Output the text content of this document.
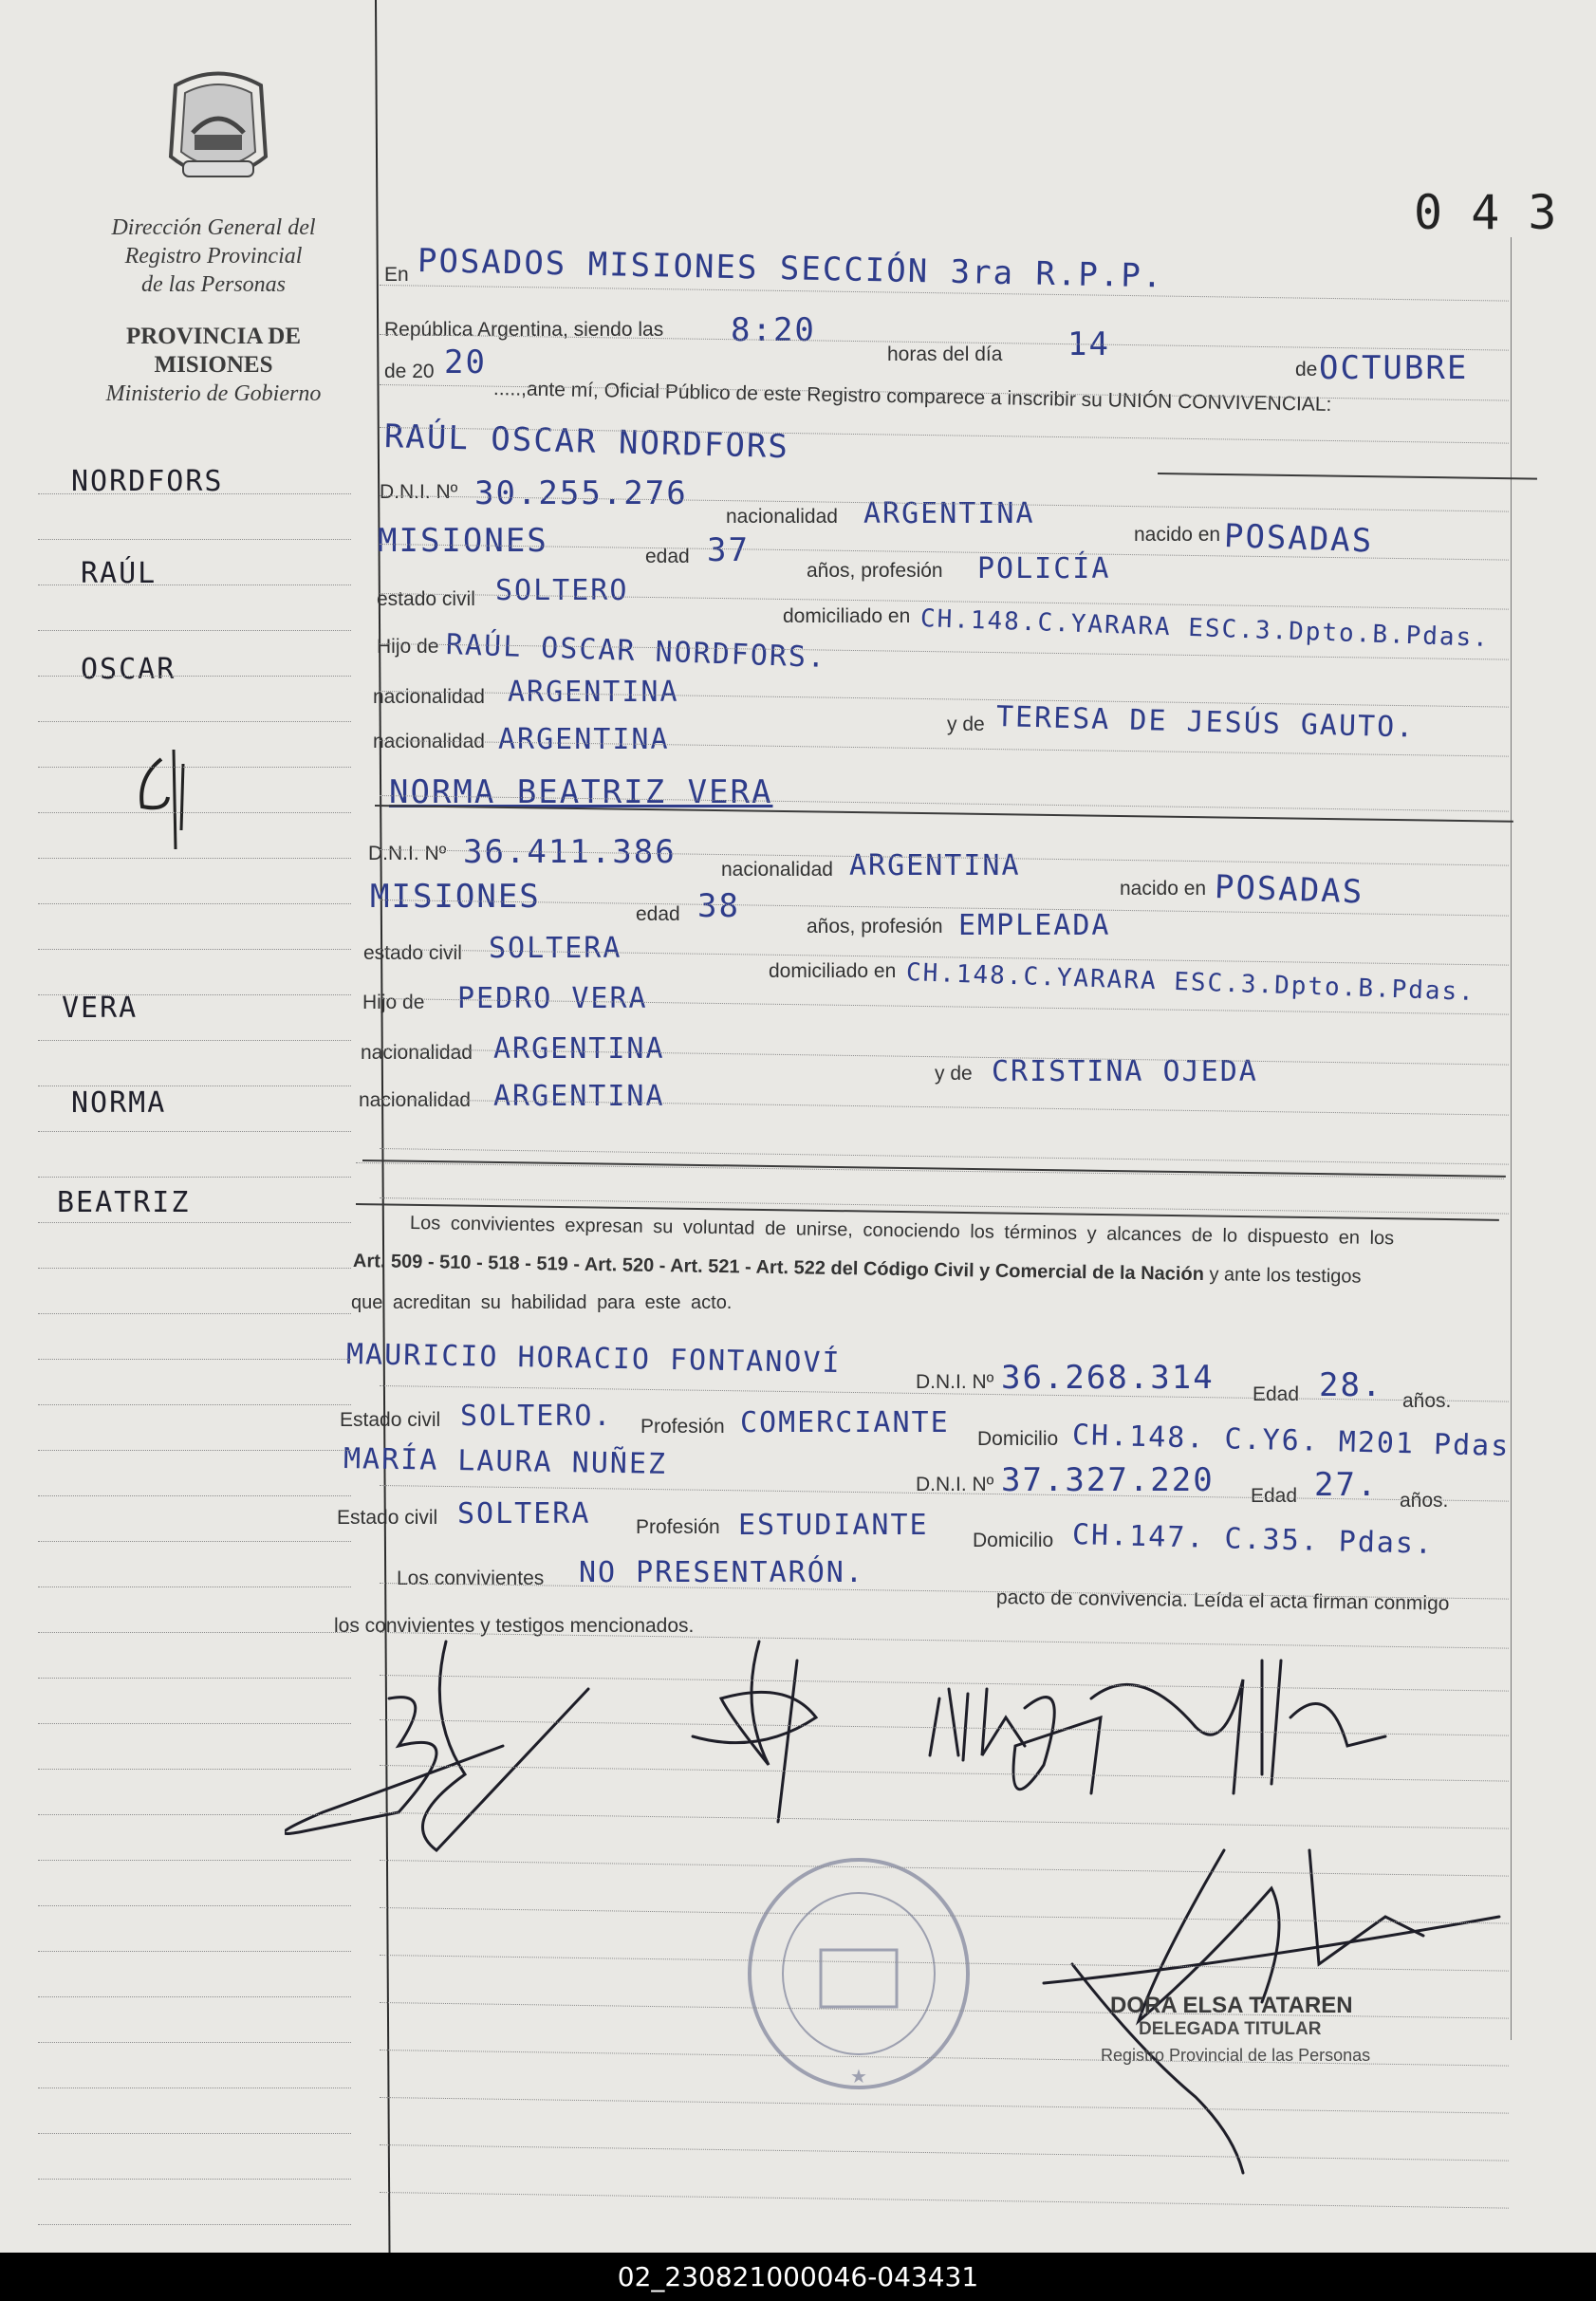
Dirección General del
Registro Provincial
de las Personas
PROVINCIA DE
MISIONES
Ministerio de Gobierno
NORDFORS
RAÚL
OSCAR
VERA
NORMA
BEATRIZ
0 4 3
En POSADOS MISIONES SECCIÓN 3ra R.P.P.
República Argentina, siendo las 8:20
horas del día 14
de OCTUBRE
de 20 20
.....,ante mí, Oficial Público de este Registro comparece a inscribir su UNIÓN CONVIVENCIAL:
RAÚL OSCAR NORDFORS
D.N.I. Nº 30.255.276
nacionalidad ARGENTINA
nacido en POSADAS
MISIONES	edad 37
años, profesión POLICÍA
estado civil SOLTERO
domiciliado en CH.148.C.YARARA ESC.3.Dpto.B.Pdas.
Hijo de RAÚL OSCAR NORDFORS.
nacionalidad ARGENTINA
y de TERESA DE JESÚS GAUTO.
nacionalidad ARGENTINA
NORMA BEATRIZ VERA
D.N.I. Nº 36.411.386 nacionalidad ARGENTINA
nacido en POSADAS
MISIONES	edad 38
años, profesión EMPLEADA
estado civil SOLTERA
domiciliado en CH.148.C.YARARA ESC.3.Dpto.B.Pdas.
Hijo de PEDRO VERA
nacionalidad ARGENTINA
y de CRISTINA OJEDA
nacionalidad ARGENTINA
Los convivientes expresan su voluntad de unirse, conociendo los términos y alcances de lo dispuesto en los
Art. 509 - 510 - 518 - 519 - Art. 520 - Art. 521 - Art. 522 del Código Civil y Comercial de la Nación y ante los testigos
que acreditan su habilidad para este acto.
MAURICIO HORACIO FONTANOVÍ
D.N.I. Nº 36.268.314 Edad 28. años.
Estado civil SOLTERO. Profesión COMERCIANTE Domicilio CH.148. C.Y6. M201 Pdas
MARÍA LAURA NUÑEZ
D.N.I. Nº 37.327.220 Edad 27. años.
Estado civil SOLTERA Profesión ESTUDIANTE Domicilio CH.147. C.35. Pdas.
Los convivientes NO PRESENTARÓN.
pacto de convivencia. Leída el acta firman conmigo
los convivientes y testigos mencionados.
★
DORA ELSA TATAREN
DELEGADA TITULAR
Registro Provincial de las Personas
02_230821000046-043431
